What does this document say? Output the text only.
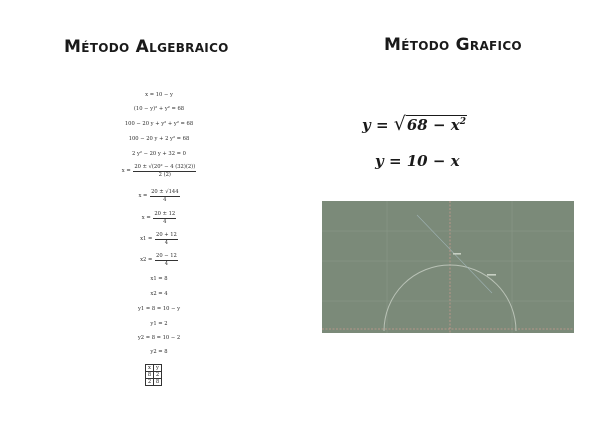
Método Algebraico	Método Grafico
x = 10 − y
(10 − y)² + y² = 68
100 − 20 y + y² + y² = 68
100 − 20 y + 2 y² = 68
2 y² − 20 y + 32 = 0
$x = \frac{\text{20 ± √(20² − 4 (32)(2))}}{2 (2)}$
$x = \frac{20 \pm √144}{4}$
$x = \frac{20 \pm 12}{4}$
$x1 = \frac{20 + 12}{4}$
$x2 = \frac{20 - 12}{4}$
x1 = 8
x2 = 4
y1 = 8 = 10 − y
y1 = 2
y2 = 8 = 10 − 2
y2 = 8
x	y
8	2
2	8
$y = √68 - x^2$
y = 10 − x
